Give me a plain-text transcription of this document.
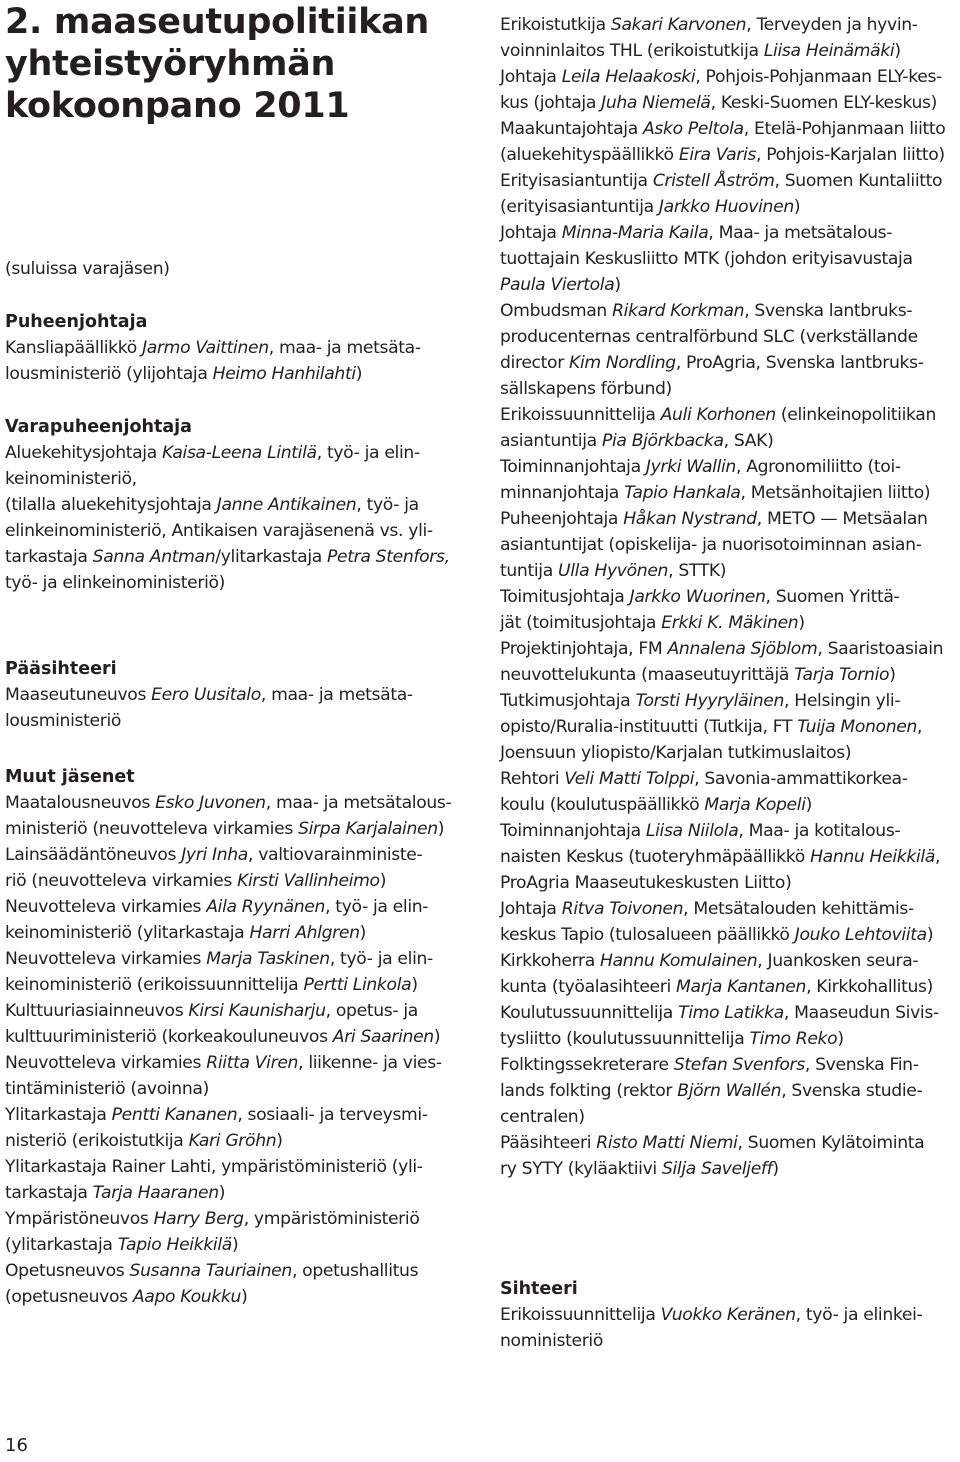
2. maaseutupolitiikan
yhteistyöryhmän
kokoonpano 2011

(suluissa varajäsen)

Puheenjohtaja
Kansliapäällikkö Jarmo Vaittinen, maa- ja metsäta-
lousministeriö (ylijohtaja Heimo Hanhilahti)
Varapuheenjohtaja
Aluekehitysjohtaja Kaisa-Leena Lintilä, työ- ja elin-
keinoministeriö,
(tilalla aluekehitysjohtaja Janne Antikainen, työ- ja
elinkeinoministeriö, Antikaisen varajäsenenä vs. yli-
tarkastaja Sanna Antman/ylitarkastaja Petra Stenfors,
työ- ja elinkeinoministeriö)
Pääsihteeri
Maaseutuneuvos Eero Uusitalo, maa- ja metsäta-
lousministeriö
Muut jäsenet
Maatalousneuvos Esko Juvonen, maa- ja metsätalous-
ministeriö (neuvotteleva virkamies Sirpa Karjalainen)
Lainsäädäntöneuvos Jyri Inha, valtiovarainministe-
riö (neuvotteleva virkamies Kirsti Vallinheimo)
Neuvotteleva virkamies Aila Ryynänen, työ- ja elin-
keinoministeriö (ylitarkastaja Harri Ahlgren)
Neuvotteleva virkamies Marja Taskinen, työ- ja elin-
keinoministeriö (erikoissuunnittelija Pertti Linkola)
Kulttuuriasiainneuvos Kirsi Kaunisharju, opetus- ja
kulttuuriministeriö (korkeakouluneuvos Ari Saarinen)
Neuvotteleva virkamies Riitta Viren, liikenne- ja vies-
tintäministeriö (avoinna)
Ylitarkastaja Pentti Kananen, sosiaali- ja terveysmi-
nisteriö (erikoistutkija Kari Gröhn)
Ylitarkastaja Rainer Lahti, ympäristöministeriö (yli-
tarkastaja Tarja Haaranen)
Ympäristöneuvos Harry Berg, ympäristöministeriö
(ylitarkastaja Tapio Heikkilä)
Opetusneuvos Susanna Tauriainen, opetushallitus
(opetusneuvos Aapo Koukku)
Erikoistutkija Sakari Karvonen, Terveyden ja hyvin-
voinninlaitos THL (erikoistutkija Liisa Heinämäki)
Johtaja Leila Helaakoski, Pohjois-Pohjanmaan ELY-kes-
kus (johtaja Juha Niemelä, Keski-Suomen ELY-keskus)
Maakuntajohtaja Asko Peltola, Etelä-Pohjanmaan liitto
(aluekehityspäällikkö Eira Varis, Pohjois-Karjalan liitto)
Erityisasiantuntija Cristell Åström, Suomen Kuntaliitto
(erityisasiantuntija Jarkko Huovinen)
Johtaja Minna-Maria Kaila, Maa- ja metsätalous-
tuottajain Keskusliitto MTK (johdon erityisavustaja
Paula Viertola)
Ombudsman Rikard Korkman, Svenska lantbruks-
producenternas centralförbund SLC (verkställande
director Kim Nordling, ProAgria, Svenska lantbruks-
sällskapens förbund)
Erikoissuunnittelija Auli Korhonen (elinkeinopolitiikan
asiantuntija Pia Björkbacka, SAK)
Toiminnanjohtaja Jyrki Wallin, Agronomiliitto (toi-
minnanjohtaja Tapio Hankala, Metsänhoitajien liitto)
Puheenjohtaja Håkan Nystrand, METO — Metsäalan
asiantuntijat (opiskelija- ja nuorisotoiminnan asian-
tuntija Ulla Hyvönen, STTK)
Toimitusjohtaja Jarkko Wuorinen, Suomen Yrittä-
jät (toimitusjohtaja Erkki K. Mäkinen)
Projektinjohtaja, FM Annalena Sjöblom, Saaristoasiain
neuvottelukunta (maaseutuyrittäjä Tarja Tornio)
Tutkimusjohtaja Torsti Hyyryläinen, Helsingin yli-
opisto/Ruralia-instituutti (Tutkija, FT Tuija Mononen,
Joensuun yliopisto/Karjalan tutkimuslaitos)
Rehtori Veli Matti Tolppi, Savonia-ammattikorkea-
koulu (koulutuspäällikkö Marja Kopeli)
Toiminnanjohtaja Liisa Niilola, Maa- ja kotitalous-
naisten Keskus (tuoteryhmäpäällikkö Hannu Heikkilä,
ProAgria Maaseutukeskusten Liitto)
Johtaja Ritva Toivonen, Metsätalouden kehittämis-
keskus Tapio (tulosalueen päällikkö Jouko Lehtoviita)
Kirkkoherra Hannu Komulainen, Juankosken seura-
kunta (työalasihteeri Marja Kantanen, Kirkkohallitus)
Koulutussuunnittelija Timo Latikka, Maaseudun Sivis-
tysliitto (koulutussuunnittelija Timo Reko)
Folktingssekreterare Stefan Svenfors, Svenska Fin-
lands folkting (rektor Björn Wallén, Svenska studie-
centralen)
Pääsihteeri Risto Matti Niemi, Suomen Kylätoiminta
ry SYTY (kyläaktiivi Silja Saveljeff)
Sihteeri
Erikoissuunnittelija Vuokko Keränen, työ- ja elinkei-
noministeriö
16
